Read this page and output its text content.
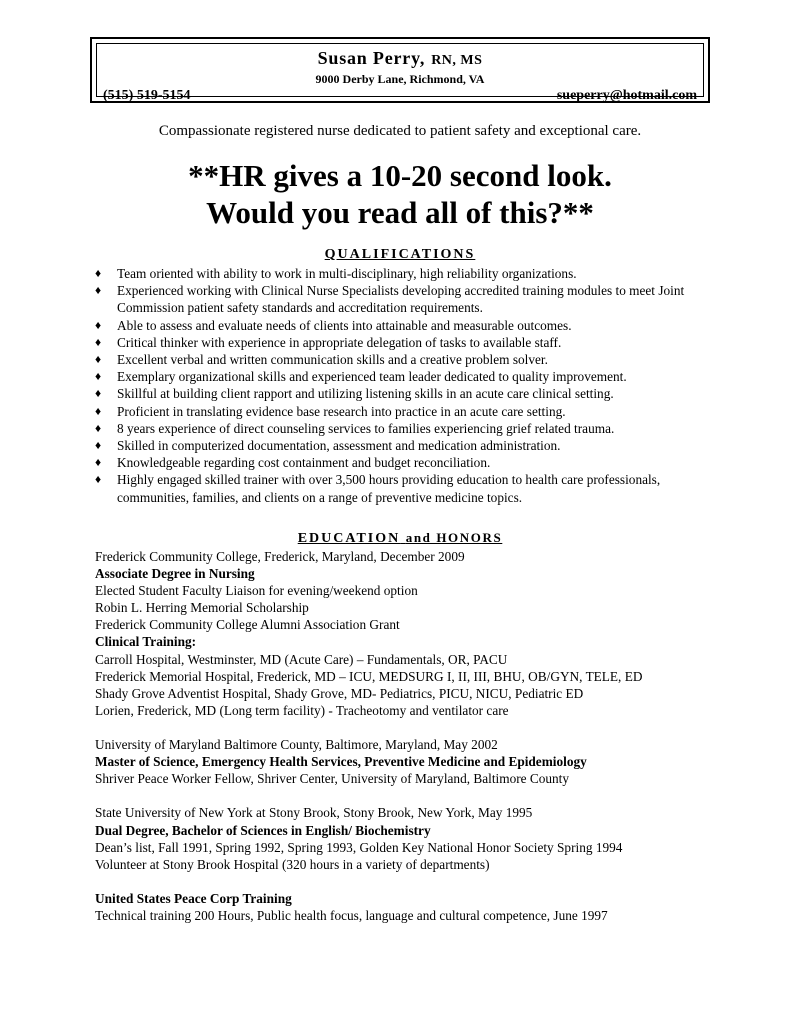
Susan Perry, RN, MS
9000 Derby Lane, Richmond, VA
(515) 519-5154	sueperry@hotmail.com
Compassionate registered nurse dedicated to patient safety and exceptional care.
**HR gives a 10-20 second look.
Would you read all of this?**
QUALIFICATIONS
♦ Team oriented with ability to work in multi-disciplinary, high reliability organizations.
♦ Experienced working with Clinical Nurse Specialists developing accredited training modules to meet Joint Commission patient safety standards and accreditation requirements.
♦ Able to assess and evaluate needs of clients into attainable and measurable outcomes.
♦ Critical thinker with experience in appropriate delegation of tasks to available staff.
♦ Excellent verbal and written communication skills and a creative problem solver.
♦ Exemplary organizational skills and experienced team leader dedicated to quality improvement.
♦ Skillful at building client rapport and utilizing listening skills in an acute care clinical setting.
♦ Proficient in translating evidence base research into practice in an acute care setting.
♦ 8 years experience of direct counseling services to families experiencing grief related trauma.
♦ Skilled in computerized documentation, assessment and medication administration.
♦ Knowledgeable regarding cost containment and budget reconciliation.
♦ Highly engaged skilled trainer with over 3,500 hours providing education to health care professionals, communities, families, and clients on a range of preventive medicine topics.
EDUCATION and HONORS
Frederick Community College, Frederick, Maryland, December 2009
Associate Degree in Nursing
Elected Student Faculty Liaison for evening/weekend option
Robin L. Herring Memorial Scholarship
Frederick Community College Alumni Association Grant
Clinical Training:
Carroll Hospital, Westminster, MD (Acute Care) – Fundamentals, OR, PACU
Frederick Memorial Hospital, Frederick, MD – ICU, MEDSURG I, II, III, BHU, OB/GYN, TELE, ED
Shady Grove Adventist Hospital, Shady Grove, MD- Pediatrics, PICU, NICU, Pediatric ED
Lorien, Frederick, MD (Long term facility) - Tracheotomy and ventilator care
University of Maryland Baltimore County, Baltimore, Maryland, May 2002
Master of Science, Emergency Health Services, Preventive Medicine and Epidemiology
Shriver Peace Worker Fellow, Shriver Center, University of Maryland, Baltimore County
State University of New York at Stony Brook, Stony Brook, New York, May 1995
Dual Degree, Bachelor of Sciences in English/ Biochemistry
Dean’s list, Fall 1991, Spring 1992, Spring 1993, Golden Key National Honor Society Spring 1994
Volunteer at Stony Brook Hospital (320 hours in a variety of departments)
United States Peace Corp Training
Technical training 200 Hours, Public health focus, language and cultural competence, June 1997
